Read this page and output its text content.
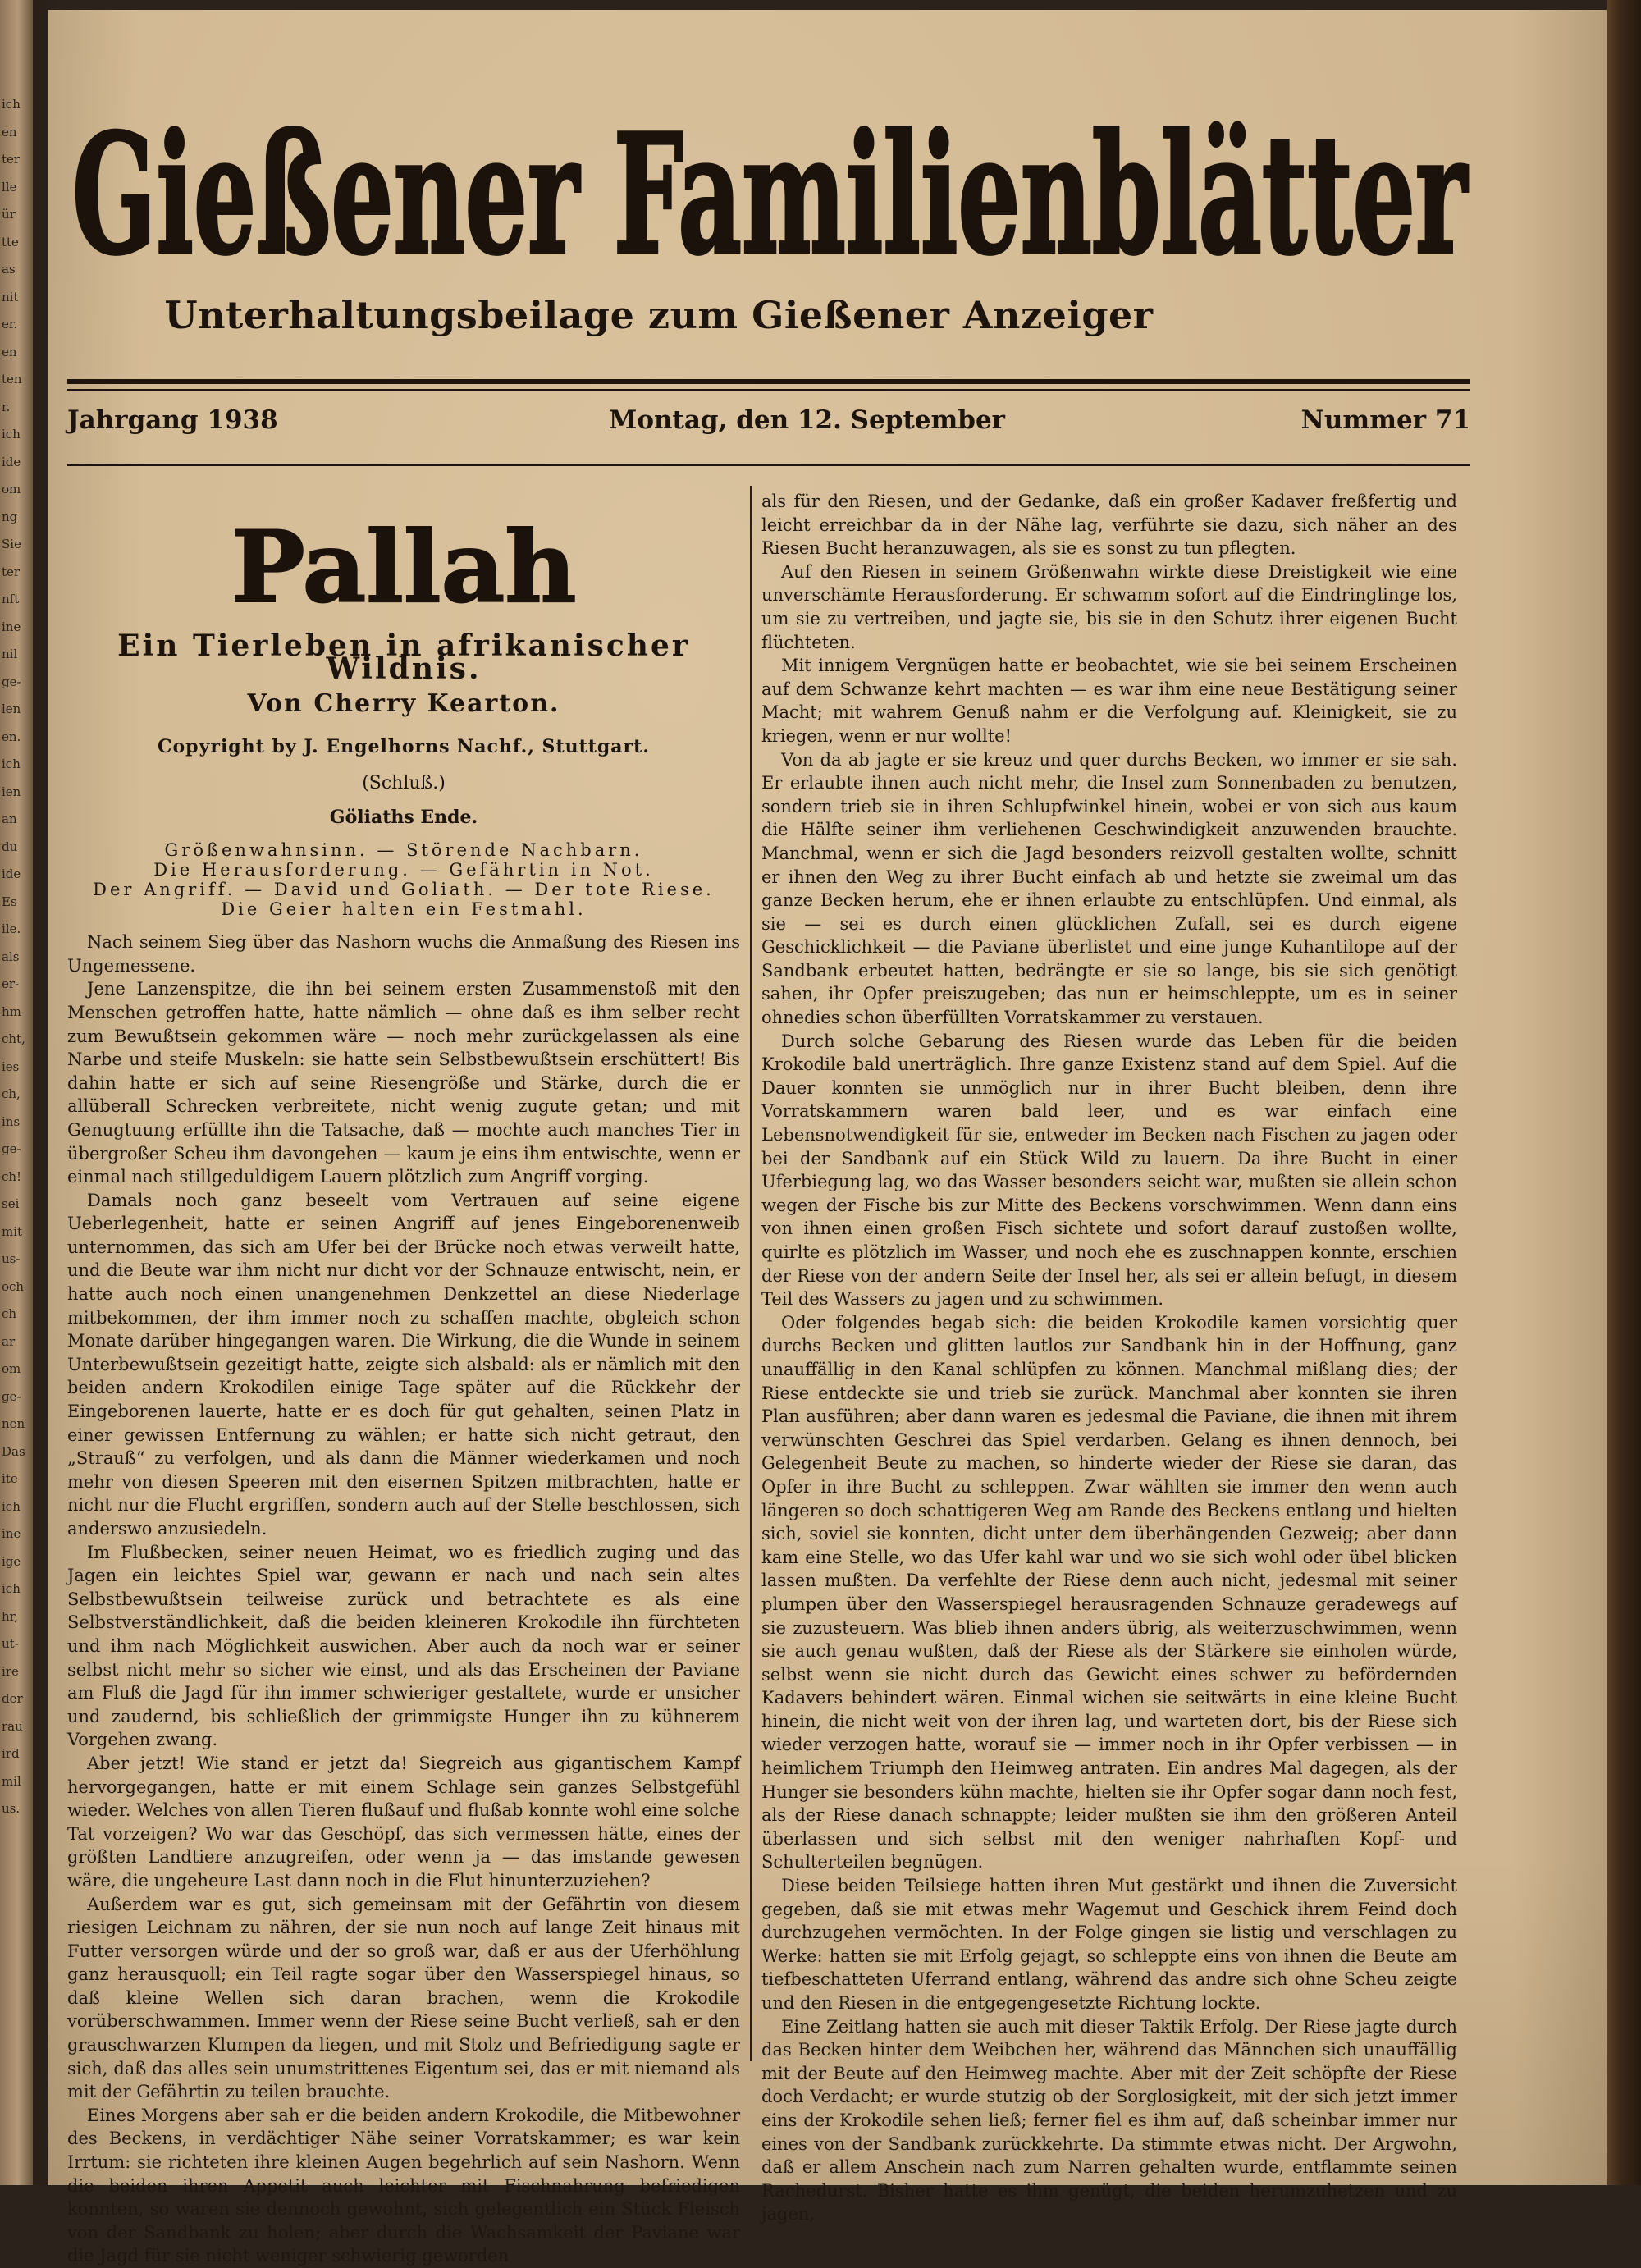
ich
en
ter
lle
ür
tte
as
nit
er.
en
ten
r.
ich
ide
om
ng
Sie
ter
nft
ine
nil
ge-
len
en.
ich
ien
an
du
ide
Es
ile.
als
er-
hm
cht,
ies
ch,
ins
ge-
ch!
sei
mit
us-
och
ch
ar
om
ge-
nen
Das
ite
ich
ine
ige
ich
hr,
ut-
ire
der
rau
ird
mil
us.
Gießener Familienblätter
Unterhaltungsbeilage zum Gießener Anzeiger
Jahrgang 1938	Montag, den 12. September	Nummer 71
Pallah
Ein Tierleben in afrikanischer Wildnis.
Von Cherry Kearton.
Copyright by J. Engelhorns Nachf., Stuttgart.
(Schluß.)
Göliaths Ende.
Größenwahnsinn. — Störende Nachbarn.
Die Herausforderung. — Gefährtin in Not.
Der Angriff. — David und Goliath. — Der tote Riese.
Die Geier halten ein Festmahl.

Nach seinem Sieg über das Nashorn wuchs die Anmaßung des Riesen ins Ungemessene.

Jene Lanzenspitze, die ihn bei seinem ersten Zusammenstoß mit den Menschen getroffen hatte, hatte nämlich — ohne daß es ihm selber recht zum Bewußtsein gekommen wäre — noch mehr zurückgelassen als eine Narbe und steife Muskeln: sie hatte sein Selbstbewußtsein erschüttert! Bis dahin hatte er sich auf seine Riesengröße und Stärke, durch die er allüberall Schrecken verbreitete, nicht wenig zugute getan; und mit Genugtuung erfüllte ihn die Tatsache, daß — mochte auch manches Tier in übergroßer Scheu ihm davongehen — kaum je eins ihm entwischte, wenn er einmal nach stillgeduldigem Lauern plötzlich zum Angriff vorging.

Damals noch ganz beseelt vom Vertrauen auf seine eigene Ueberlegenheit, hatte er seinen Angriff auf jenes Eingeborenenweib unternommen, das sich am Ufer bei der Brücke noch etwas verweilt hatte, und die Beute war ihm nicht nur dicht vor der Schnauze entwischt, nein, er hatte auch noch einen unangenehmen Denkzettel an diese Niederlage mitbekommen, der ihm immer noch zu schaffen machte, obgleich schon Monate darüber hingegangen waren. Die Wirkung, die die Wunde in seinem Unterbewußtsein gezeitigt hatte, zeigte sich alsbald: als er nämlich mit den beiden andern Krokodilen einige Tage später auf die Rückkehr der Eingeborenen lauerte, hatte er es doch für gut gehalten, seinen Platz in einer gewissen Entfernung zu wählen; er hatte sich nicht getraut, den „Strauß“ zu verfolgen, und als dann die Männer wiederkamen und noch mehr von diesen Speeren mit den eisernen Spitzen mitbrachten, hatte er nicht nur die Flucht ergriffen, sondern auch auf der Stelle beschlossen, sich anderswo anzusiedeln.

Im Flußbecken, seiner neuen Heimat, wo es friedlich zuging und das Jagen ein leichtes Spiel war, gewann er nach und nach sein altes Selbstbewußtsein teilweise zurück und betrachtete es als eine Selbstverständlichkeit, daß die beiden kleineren Krokodile ihn fürchteten und ihm nach Möglichkeit auswichen. Aber auch da noch war er seiner selbst nicht mehr so sicher wie einst, und als das Erscheinen der Paviane am Fluß die Jagd für ihn immer schwieriger gestaltete, wurde er unsicher und zaudernd, bis schließlich der grimmigste Hunger ihn zu kühnerem Vorgehen zwang.

Aber jetzt! Wie stand er jetzt da! Siegreich aus gigantischem Kampf hervorgegangen, hatte er mit einem Schlage sein ganzes Selbstgefühl wieder. Welches von allen Tieren flußauf und flußab konnte wohl eine solche Tat vorzeigen? Wo war das Geschöpf, das sich vermessen hätte, eines der größten Landtiere anzugreifen, oder wenn ja — das imstande gewesen wäre, die ungeheure Last dann noch in die Flut hinunterzuziehen?

Außerdem war es gut, sich gemeinsam mit der Gefährtin von diesem riesigen Leichnam zu nähren, der sie nun noch auf lange Zeit hinaus mit Futter versorgen würde und der so groß war, daß er aus der Uferhöhlung ganz herausquoll; ein Teil ragte sogar über den Wasserspiegel hinaus, so daß kleine Wellen sich daran brachen, wenn die Krokodile vorüberschwammen. Immer wenn der Riese seine Bucht verließ, sah er den grauschwarzen Klumpen da liegen, und mit Stolz und Befriedigung sagte er sich, daß das alles sein unumstrittenes Eigentum sei, das er mit niemand als mit der Gefährtin zu teilen brauchte.

Eines Morgens aber sah er die beiden andern Krokodile, die Mitbewohner des Beckens, in verdächtiger Nähe seiner Vorratskammer; es war kein Irrtum: sie richteten ihre kleinen Augen begehrlich auf sein Nashorn. Wenn die beiden ihren Appetit auch leichter mit Fischnahrung befriedigen konnten, so waren sie dennoch gewohnt, sich gelegentlich ein Stück Fleisch von der Sandbank zu holen; aber durch die Wachsamkeit der Paviane war die Jagd für sie nicht weniger schwierig geworden

als für den Riesen, und der Gedanke, daß ein großer Kadaver freßfertig und leicht erreichbar da in der Nähe lag, verführte sie dazu, sich näher an des Riesen Bucht heranzuwagen, als sie es sonst zu tun pflegten.

Auf den Riesen in seinem Größenwahn wirkte diese Dreistigkeit wie eine unverschämte Herausforderung. Er schwamm sofort auf die Eindringlinge los, um sie zu vertreiben, und jagte sie, bis sie in den Schutz ihrer eigenen Bucht flüchteten.

Mit innigem Vergnügen hatte er beobachtet, wie sie bei seinem Erscheinen auf dem Schwanze kehrt machten — es war ihm eine neue Bestätigung seiner Macht; mit wahrem Genuß nahm er die Verfolgung auf. Kleinigkeit, sie zu kriegen, wenn er nur wollte!

Von da ab jagte er sie kreuz und quer durchs Becken, wo immer er sie sah. Er erlaubte ihnen auch nicht mehr, die Insel zum Sonnenbaden zu benutzen, sondern trieb sie in ihren Schlupfwinkel hinein, wobei er von sich aus kaum die Hälfte seiner ihm verliehenen Geschwindigkeit anzuwenden brauchte. Manchmal, wenn er sich die Jagd besonders reizvoll gestalten wollte, schnitt er ihnen den Weg zu ihrer Bucht einfach ab und hetzte sie zweimal um das ganze Becken herum, ehe er ihnen erlaubte zu entschlüpfen. Und einmal, als sie — sei es durch einen glücklichen Zufall, sei es durch eigene Geschicklichkeit — die Paviane überlistet und eine junge Kuhantilope auf der Sandbank erbeutet hatten, bedrängte er sie so lange, bis sie sich genötigt sahen, ihr Opfer preiszugeben; das nun er heimschleppte, um es in seiner ohnedies schon überfüllten Vorratskammer zu verstauen.

Durch solche Gebarung des Riesen wurde das Leben für die beiden Krokodile bald unerträglich. Ihre ganze Existenz stand auf dem Spiel. Auf die Dauer konnten sie unmöglich nur in ihrer Bucht bleiben, denn ihre Vorratskammern waren bald leer, und es war einfach eine Lebensnotwendigkeit für sie, entweder im Becken nach Fischen zu jagen oder bei der Sandbank auf ein Stück Wild zu lauern. Da ihre Bucht in einer Uferbiegung lag, wo das Wasser besonders seicht war, mußten sie allein schon wegen der Fische bis zur Mitte des Beckens vorschwimmen. Wenn dann eins von ihnen einen großen Fisch sichtete und sofort darauf zustoßen wollte, quirlte es plötzlich im Wasser, und noch ehe es zuschnappen konnte, erschien der Riese von der andern Seite der Insel her, als sei er allein befugt, in diesem Teil des Wassers zu jagen und zu schwimmen.

Oder folgendes begab sich: die beiden Krokodile kamen vorsichtig quer durchs Becken und glitten lautlos zur Sandbank hin in der Hoffnung, ganz unauffällig in den Kanal schlüpfen zu können. Manchmal mißlang dies; der Riese entdeckte sie und trieb sie zurück. Manchmal aber konnten sie ihren Plan ausführen; aber dann waren es jedesmal die Paviane, die ihnen mit ihrem verwünschten Geschrei das Spiel verdarben. Gelang es ihnen dennoch, bei Gelegenheit Beute zu machen, so hinderte wieder der Riese sie daran, das Opfer in ihre Bucht zu schleppen. Zwar wählten sie immer den wenn auch längeren so doch schattigeren Weg am Rande des Beckens entlang und hielten sich, soviel sie konnten, dicht unter dem überhängenden Gezweig; aber dann kam eine Stelle, wo das Ufer kahl war und wo sie sich wohl oder übel blicken lassen mußten. Da verfehlte der Riese denn auch nicht, jedesmal mit seiner plumpen über den Wasserspiegel herausragenden Schnauze geradewegs auf sie zuzusteuern. Was blieb ihnen anders übrig, als weiterzuschwimmen, wenn sie auch genau wußten, daß der Riese als der Stärkere sie einholen würde, selbst wenn sie nicht durch das Gewicht eines schwer zu befördernden Kadavers behindert wären. Einmal wichen sie seitwärts in eine kleine Bucht hinein, die nicht weit von der ihren lag, und warteten dort, bis der Riese sich wieder verzogen hatte, worauf sie — immer noch in ihr Opfer verbissen — in heimlichem Triumph den Heimweg antraten. Ein andres Mal dagegen, als der Hunger sie besonders kühn machte, hielten sie ihr Opfer sogar dann noch fest, als der Riese danach schnappte; leider mußten sie ihm den größeren Anteil überlassen und sich selbst mit den weniger nahrhaften Kopf- und Schulterteilen begnügen.

Diese beiden Teilsiege hatten ihren Mut gestärkt und ihnen die Zuversicht gegeben, daß sie mit etwas mehr Wagemut und Geschick ihrem Feind doch durchzugehen vermöchten. In der Folge gingen sie listig und verschlagen zu Werke: hatten sie mit Erfolg gejagt, so schleppte eins von ihnen die Beute am tiefbeschatteten Uferrand entlang, während das andre sich ohne Scheu zeigte und den Riesen in die entgegengesetzte Richtung lockte.

Eine Zeitlang hatten sie auch mit dieser Taktik Erfolg. Der Riese jagte durch das Becken hinter dem Weibchen her, während das Männchen sich unauffällig mit der Beute auf den Heimweg machte. Aber mit der Zeit schöpfte der Riese doch Verdacht; er wurde stutzig ob der Sorglosigkeit, mit der sich jetzt immer eins der Krokodile sehen ließ; ferner fiel es ihm auf, daß scheinbar immer nur eines von der Sandbank zurückkehrte. Da stimmte etwas nicht. Der Argwohn, daß er allem Anschein nach zum Narren gehalten wurde, entflammte seinen Rachedurst. Bisher hatte es ihm genügt, die beiden herumzuhetzen und zu jagen,
